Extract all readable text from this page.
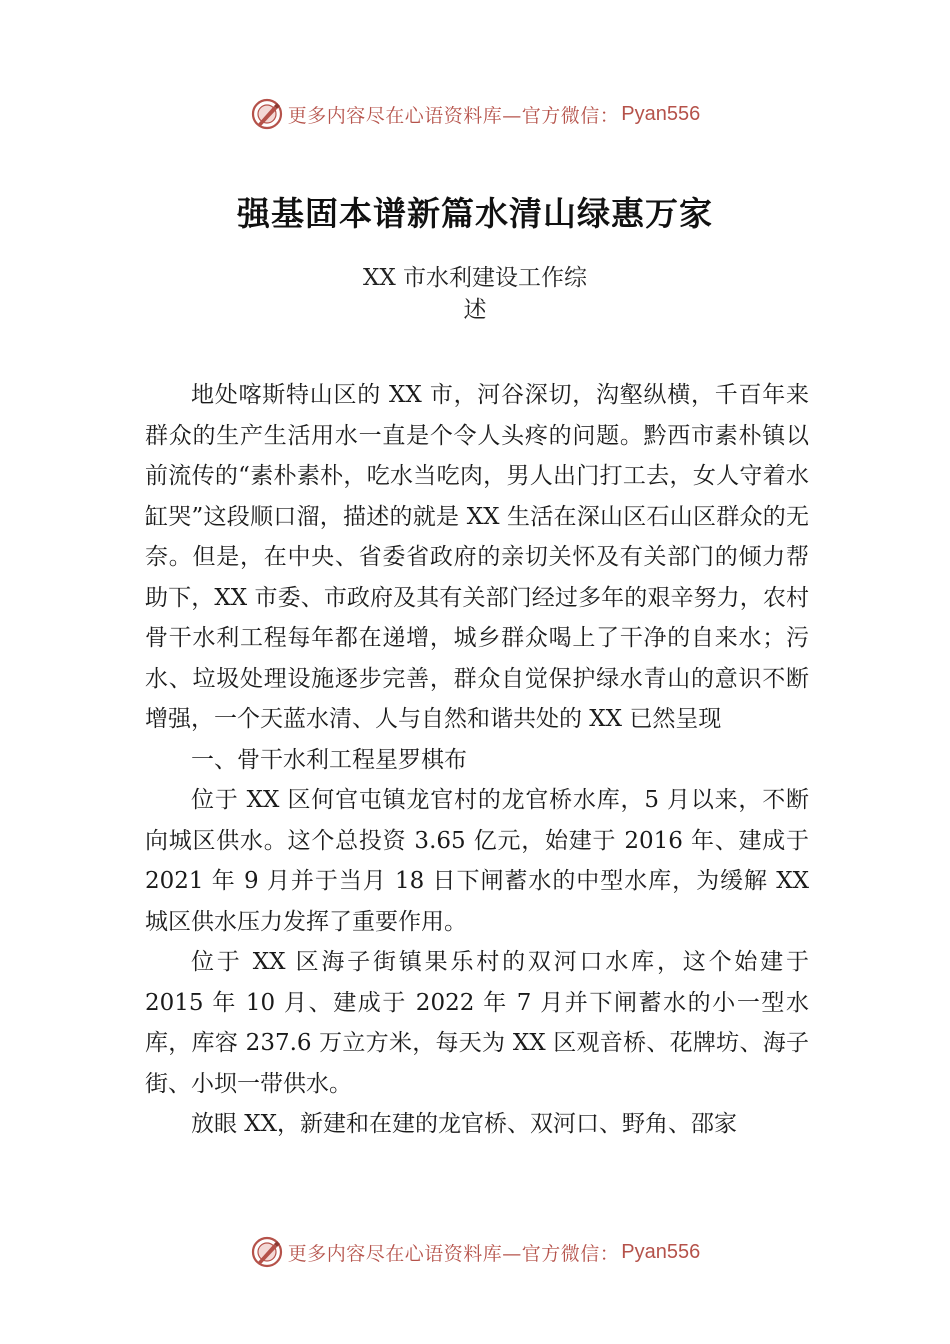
更多内容尽在心语资料库—官方微信： Pyan556
强基固本谱新篇水清山绿惠万家
XX 市水利建设工作综
述

地处喀斯特山区的 XX 市，河谷深切，沟壑纵横，千百年来群众的生产生活用水一直是个令人头疼的问题。黔西市素朴镇以前流传的“素朴素朴，吃水当吃肉，男人出门打工去，女人守着水缸哭”这段顺口溜，描述的就是 XX 生活在深山区石山区群众的无奈。但是，在中央、省委省政府的亲切关怀及有关部门的倾力帮助下，XX 市委、市政府及其有关部门经过多年的艰辛努力，农村骨干水利工程每年都在递增，城乡群众喝上了干净的自来水；污水、垃圾处理设施逐步完善，群众自觉保护绿水青山的意识不断增强，一个天蓝水清、人与自然和谐共处的 XX 已然呈现

一、骨干水利工程星罗棋布

位于 XX 区何官屯镇龙官村的龙官桥水库，5 月以来，不断向城区供水。这个总投资 3.65 亿元，始建于 2016 年、建成于 2021 年 9 月并于当月 18 日下闸蓄水的中型水库，为缓解 XX 城区供水压力发挥了重要作用。

位于 XX 区海子街镇果乐村的双河口水库，这个始建于 2015 年 10 月、建成于 2022 年 7 月并下闸蓄水的小一型水库，库容 237.6 万立方米，每天为 XX 区观音桥、花牌坊、海子街、小坝一带供水。

放眼 XX，新建和在建的龙官桥、双河口、野角、邵家

更多内容尽在心语资料库—官方微信： Pyan556
